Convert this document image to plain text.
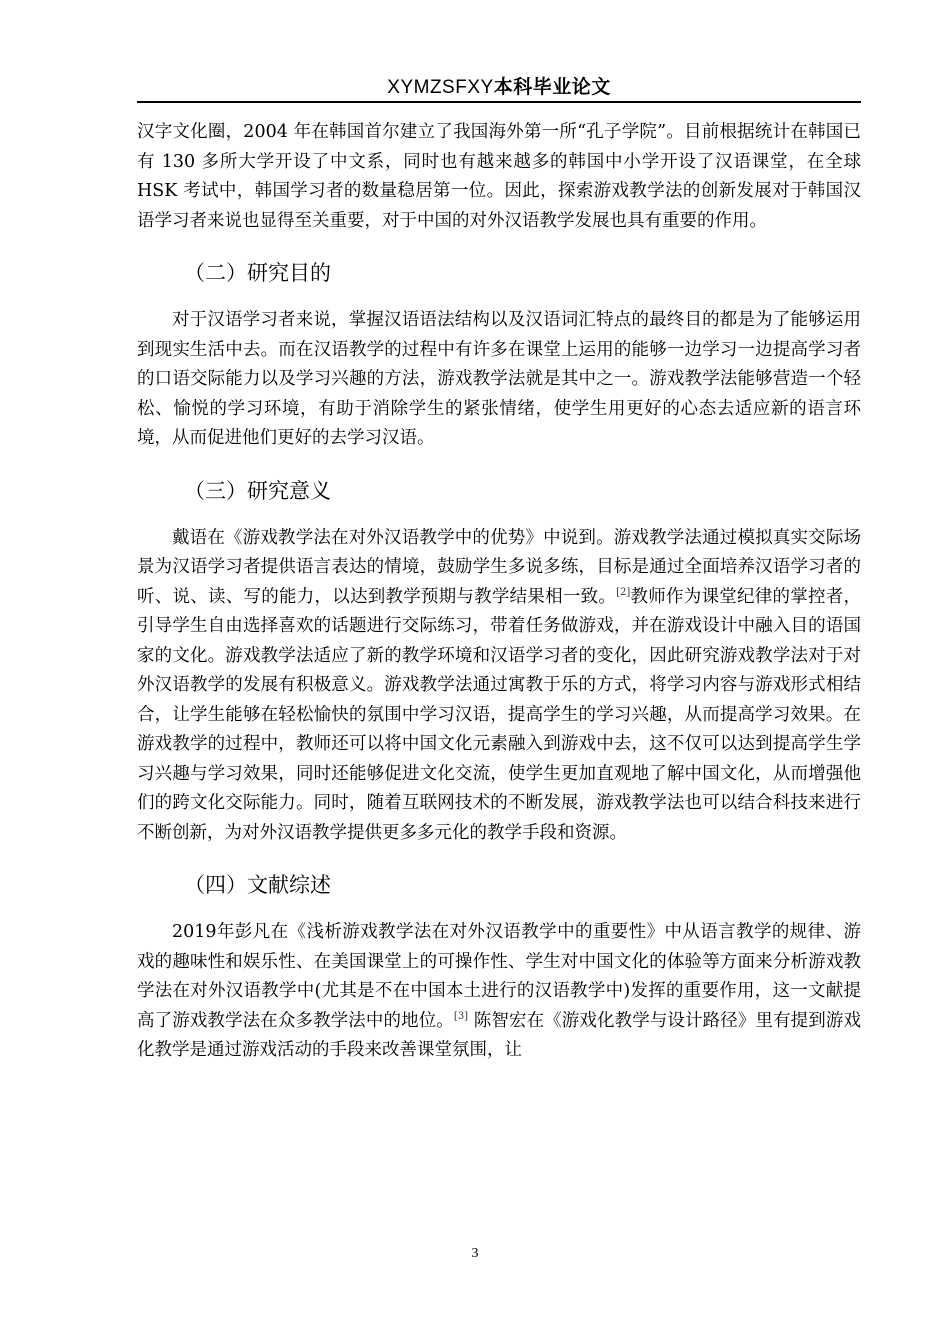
XYMZSFXY本科毕业论文

汉字文化圈，2004 年在韩国首尔建立了我国海外第一所“孔子学院”。目前根据统计在韩国已有 130 多所大学开设了中文系，同时也有越来越多的韩国中小学开设了汉语课堂，在全球 HSK 考试中，韩国学习者的数量稳居第一位。因此，探索游戏教学法的创新发展对于韩国汉语学习者来说也显得至关重要，对于中国的对外汉语教学发展也具有重要的作用。

（二）研究目的

对于汉语学习者来说，掌握汉语语法结构以及汉语词汇特点的最终目的都是为了能够运用到现实生活中去。而在汉语教学的过程中有许多在课堂上运用的能够一边学习一边提高学习者的口语交际能力以及学习兴趣的方法，游戏教学法就是其中之一。游戏教学法能够营造一个轻松、愉悦的学习环境，有助于消除学生的紧张情绪，使学生用更好的心态去适应新的语言环境，从而促进他们更好的去学习汉语。

（三）研究意义

戴语在《游戏教学法在对外汉语教学中的优势》中说到。游戏教学法通过模拟真实交际场景为汉语学习者提供语言表达的情境，鼓励学生多说多练，目标是通过全面培养汉语学习者的听、说、读、写的能力，以达到教学预期与教学结果相一致。[2]教师作为课堂纪律的掌控者，引导学生自由选择喜欢的话题进行交际练习，带着任务做游戏，并在游戏设计中融入目的语国家的文化。游戏教学法适应了新的教学环境和汉语学习者的变化，因此研究游戏教学法对于对外汉语教学的发展有积极意义。游戏教学法通过寓教于乐的方式，将学习内容与游戏形式相结合，让学生能够在轻松愉快的氛围中学习汉语，提高学生的学习兴趣，从而提高学习效果。在游戏教学的过程中，教师还可以将中国文化元素融入到游戏中去，这不仅可以达到提高学生学习兴趣与学习效果，同时还能够促进文化交流，使学生更加直观地了解中国文化，从而增强他们的跨文化交际能力。同时，随着互联网技术的不断发展，游戏教学法也可以结合科技来进行不断创新，为对外汉语教学提供更多多元化的教学手段和资源。

（四）文献综述

2019年彭凡在《浅析游戏教学法在对外汉语教学中的重要性》中从语言教学的规律、游戏的趣味性和娱乐性、在美国课堂上的可操作性、学生对中国文化的体验等方面来分析游戏教学法在对外汉语教学中(尤其是不在中国本土进行的汉语教学中)发挥的重要作用，这一文献提高了游戏教学法在众多教学法中的地位。[3] 陈智宏在《游戏化教学与设计路径》里有提到游戏化教学是通过游戏活动的手段来改善课堂氛围，让

3
